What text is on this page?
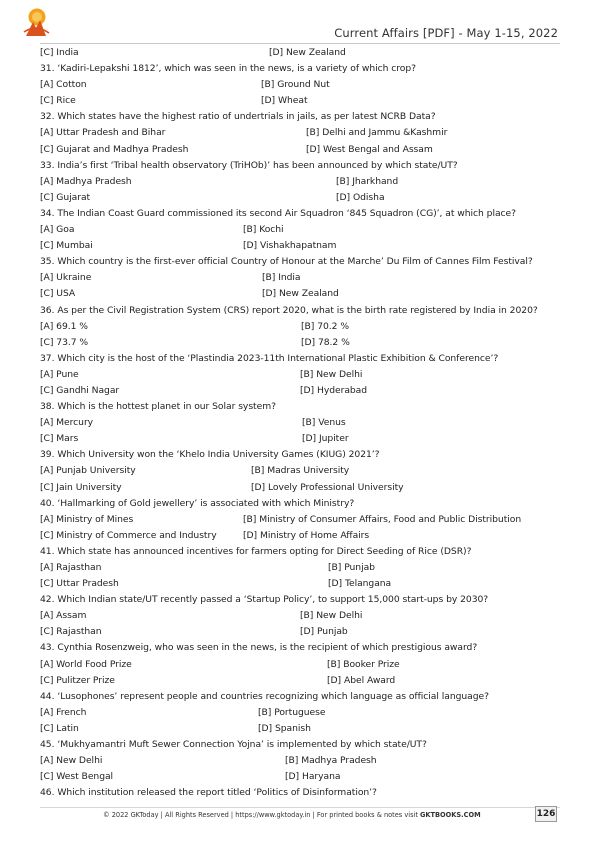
Current Affairs [PDF] - May 1-15, 2022
[C] India	[D] New Zealand
31. ‘Kadiri-Lepakshi 1812’, which was seen in the news, is a variety of which crop?
[A] Cotton	[B] Ground Nut
[C] Rice	[D] Wheat
32. Which states have the highest ratio of undertrials in jails, as per latest NCRB Data?
[A] Uttar Pradesh and Bihar	[B] Delhi and Jammu &Kashmir
[C] Gujarat and Madhya Pradesh	[D] West Bengal and Assam
33. India’s first ‘Tribal health observatory (TriHOb)’ has been announced by which state/UT?
[A] Madhya Pradesh	[B] Jharkhand
[C] Gujarat	[D] Odisha
34. The Indian Coast Guard commissioned its second Air Squadron ‘845 Squadron (CG)’, at which place?
[A] Goa	[B] Kochi
[C] Mumbai	[D] Vishakhapatnam
35. Which country is the first-ever official Country of Honour at the Marche’ Du Film of Cannes Film Festival?
[A] Ukraine	[B] India
[C] USA	[D] New Zealand
36. As per the Civil Registration System (CRS) report 2020, what is the birth rate registered by India in 2020?
[A] 69.1 %	[B] 70.2 %
[C] 73.7 %	[D] 78.2 %
37. Which city is the host of the ‘Plastindia 2023-11th International Plastic Exhibition & Conference’?
[A] Pune	[B] New Delhi
[C] Gandhi Nagar	[D] Hyderabad
38. Which is the hottest planet in our Solar system?
[A] Mercury	[B] Venus
[C] Mars	[D] Jupiter
39. Which University won the ‘Khelo India University Games (KIUG) 2021’?
[A] Punjab University	[B] Madras University
[C] Jain University	[D] Lovely Professional University
40. ‘Hallmarking of Gold jewellery’ is associated with which Ministry?
[A] Ministry of Mines	[B] Ministry of Consumer Affairs, Food and Public Distribution
[C] Ministry of Commerce and Industry	[D] Ministry of Home Affairs
41. Which state has announced incentives for farmers opting for Direct Seeding of Rice (DSR)?
[A] Rajasthan	[B] Punjab
[C] Uttar Pradesh	[D] Telangana
42. Which Indian state/UT recently passed a ‘Startup Policy’, to support 15,000 start-ups by 2030?
[A] Assam	[B] New Delhi
[C] Rajasthan	[D] Punjab
43. Cynthia Rosenzweig, who was seen in the news, is the recipient of which prestigious award?
[A] World Food Prize	[B] Booker Prize
[C] Pulitzer Prize	[D] Abel Award
44. ‘Lusophones’ represent people and countries recognizing which language as official language?
[A] French	[B] Portuguese
[C] Latin	[D] Spanish
45. ‘Mukhyamantri Muft Sewer Connection Yojna’ is implemented by which state/UT?
[A] New Delhi	[B] Madhya Pradesh
[C] West Bengal	[D] Haryana
46. Which institution released the report titled ‘Politics of Disinformation’?
© 2022 GKToday | All Rights Reserved | https://www.gktoday.in | For printed books & notes visit GKTBOOKS.COM	126
